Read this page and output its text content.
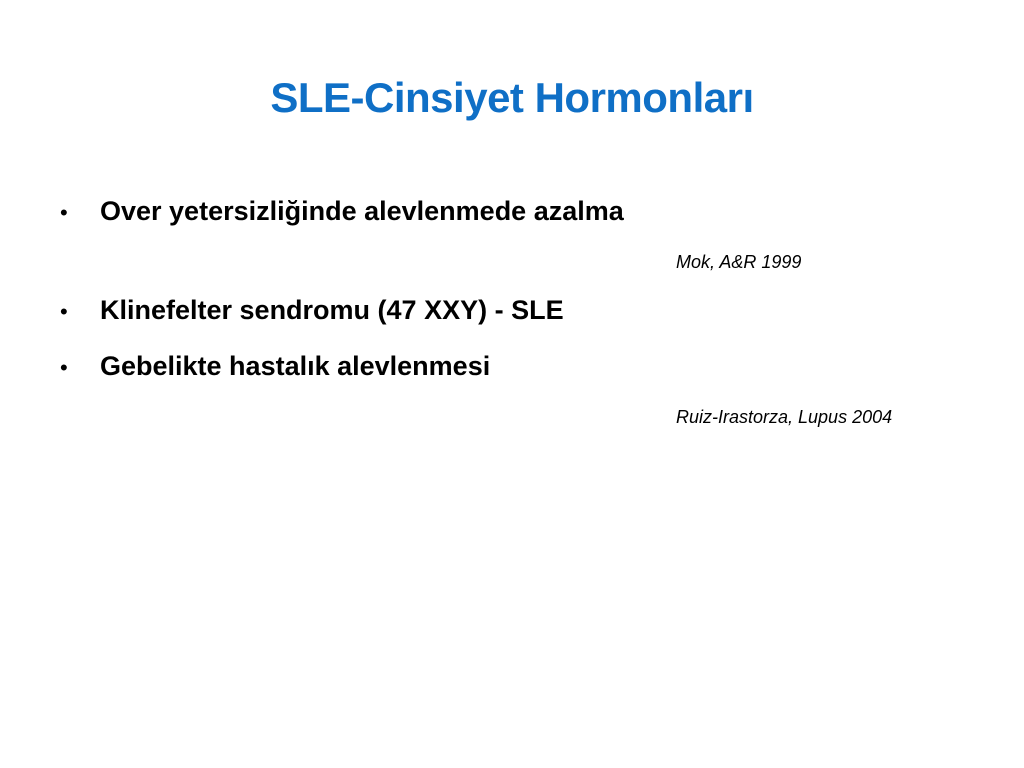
SLE-Cinsiyet Hormonları
•	Over yetersizliğinde alevlenmede azalma
Mok, A&R 1999
•	Klinefelter sendromu (47 XXY) - SLE
•	Gebelikte hastalık alevlenmesi
Ruiz-Irastorza, Lupus 2004
